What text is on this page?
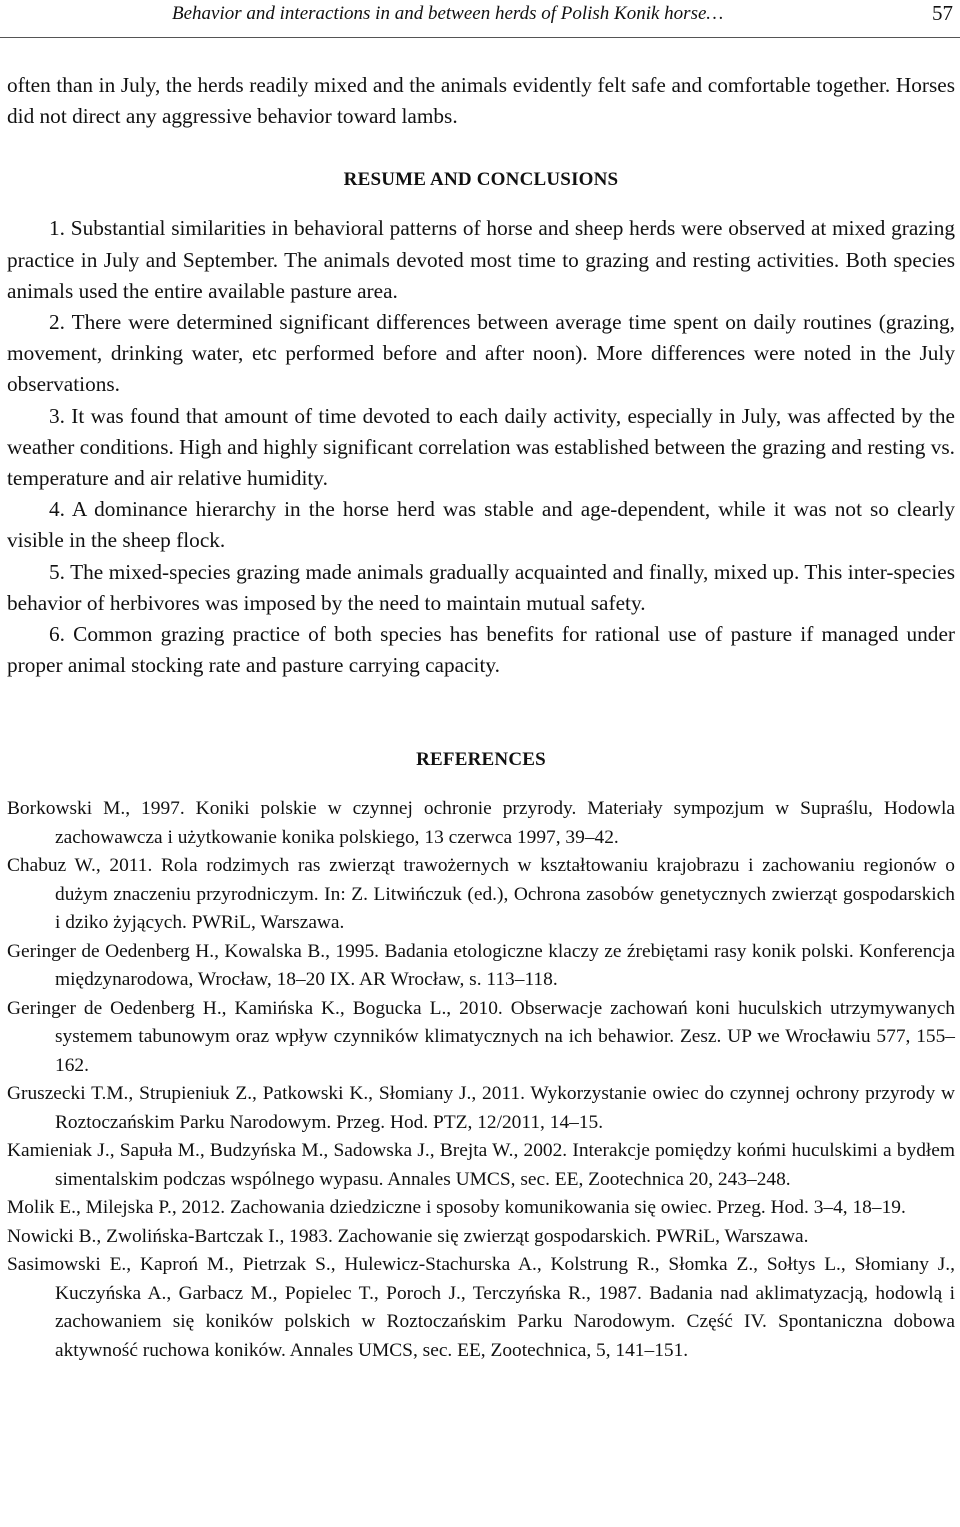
Behavior and interactions in and between herds of Polish Konik horse…	57

often than in July, the herds readily mixed and the animals evidently felt safe and comfortable together. Horses did not direct any aggressive behavior toward lambs.

RESUME AND CONCLUSIONS

1. Substantial similarities in behavioral patterns of horse and sheep herds were observed at mixed grazing practice in July and September. The animals devoted most time to grazing and resting activities. Both species animals used the entire available pasture area.

2. There were determined significant differences between average time spent on daily routines (grazing, movement, drinking water, etc performed before and after noon). More differences were noted in the July observations.

3. It was found that amount of time devoted to each daily activity, especially in July, was affected by the weather conditions. High and highly significant correlation was established between the grazing and resting vs. temperature and air relative humidity.

4. A dominance hierarchy in the horse herd was stable and age-dependent, while it was not so clearly visible in the sheep flock.

5. The mixed-species grazing made animals gradually acquainted and finally, mixed up. This inter-species behavior of herbivores was imposed by the need to maintain mutual safety.

6. Common grazing practice of both species has benefits for rational use of pasture if managed under proper animal stocking rate and pasture carrying capacity.

REFERENCES

Borkowski M., 1997. Koniki polskie w czynnej ochronie przyrody. Materiały sympozjum w Supraślu, Hodowla zachowawcza i użytkowanie konika polskiego, 13 czerwca 1997, 39–42.

Chabuz W., 2011. Rola rodzimych ras zwierząt trawożernych w kształtowaniu krajobrazu i zachowaniu regionów o dużym znaczeniu przyrodniczym. In: Z. Litwińczuk (ed.), Ochrona zasobów genetycznych zwierząt gospodarskich i dziko żyjących. PWRiL, Warszawa.

Geringer de Oedenberg H., Kowalska B., 1995. Badania etologiczne klaczy ze źrebiętami rasy konik polski. Konferencja międzynarodowa, Wrocław, 18–20 IX. AR Wrocław, s. 113–118.

Geringer de Oedenberg H., Kamińska K., Bogucka L., 2010. Obserwacje zachowań koni huculskich utrzymywanych systemem tabunowym oraz wpływ czynników klimatycznych na ich behawior. Zesz. UP we Wrocławiu 577, 155–162.

Gruszecki T.M., Strupieniuk Z., Patkowski K., Słomiany J., 2011. Wykorzystanie owiec do czynnej ochrony przyrody w Roztoczańskim Parku Narodowym. Przeg. Hod. PTZ, 12/2011, 14–15.

Kamieniak J., Sapuła M., Budzyńska M., Sadowska J., Brejta W., 2002. Interakcje pomiędzy końmi huculskimi a bydłem simentalskim podczas wspólnego wypasu. Annales UMCS, sec. EE, Zootechnica 20, 243–248.

Molik E., Milejska P., 2012. Zachowania dziedziczne i sposoby komunikowania się owiec. Przeg. Hod. 3–4, 18–19.

Nowicki B., Zwolińska-Bartczak I., 1983. Zachowanie się zwierząt gospodarskich. PWRiL, Warszawa.

Sasimowski E., Kaproń M., Pietrzak S., Hulewicz-Stachurska A., Kolstrung R., Słomka Z., Sołtys L., Słomiany J., Kuczyńska A., Garbacz M., Popielec T., Poroch J., Terczyńska R., 1987. Badania nad aklimatyzacją, hodowlą i zachowaniem się koników polskich w Roztoczańskim Parku Narodowym. Część IV. Spontaniczna dobowa aktywność ruchowa koników. Annales UMCS, sec. EE, Zootechnica, 5, 141–151.
